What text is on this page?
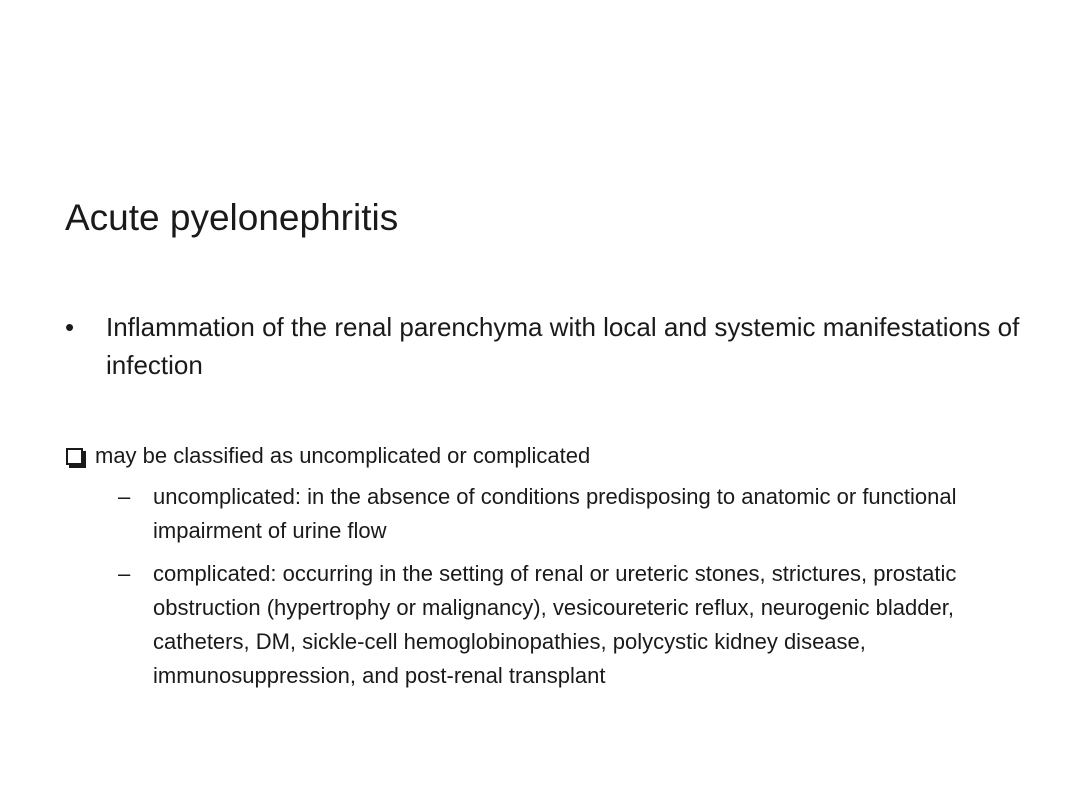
Acute pyelonephritis
•	Inflammation of the renal parenchyma with local and systemic manifestations of infection
may be classified as uncomplicated or complicated
–	uncomplicated: in the absence of conditions predisposing to anatomic or functional impairment of urine flow
–	complicated: occurring in the setting of renal or ureteric stones, strictures, prostatic obstruction (hypertrophy or malignancy), vesicoureteric reflux, neurogenic bladder, catheters, DM, sickle-cell hemoglobinopathies, polycystic kidney disease, immunosuppression, and post-renal transplant
